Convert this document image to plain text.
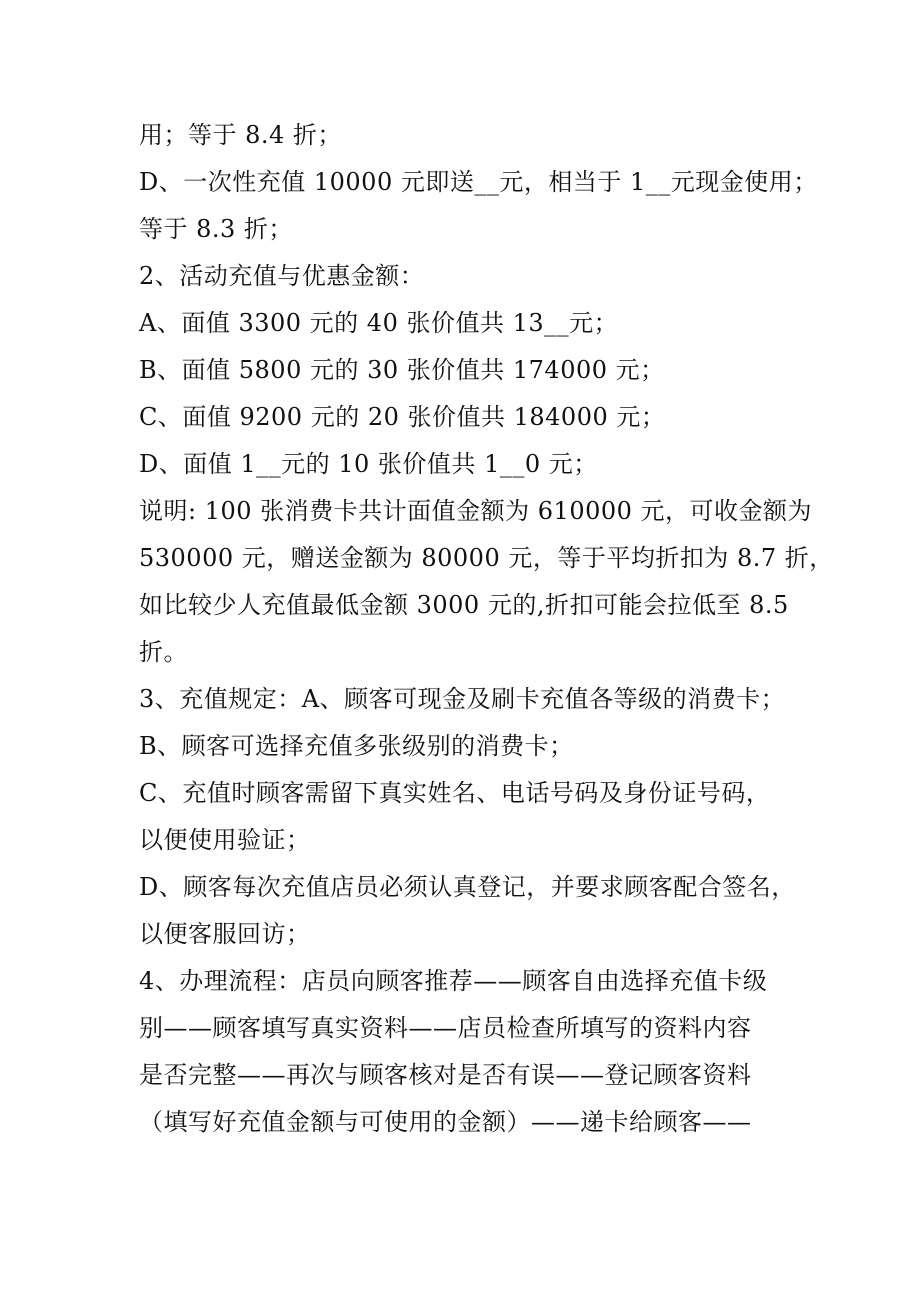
用；等于 8.4 折；
D、一次性充值 10000 元即送__元，相当于 1__元现金使用；
等于 8.3 折；
2、活动充值与优惠金额：
A、面值 3300 元的 40 张价值共 13__元；
B、面值 5800 元的 30 张价值共 174000 元；
C、面值 9200 元的 20 张价值共 184000 元；
D、面值 1__元的 10 张价值共 1__0 元；
说明: 100 张消费卡共计面值金额为 610000 元，可收金额为
530000 元，赠送金额为 80000 元，等于平均折扣为 8.7 折，
如比较少人充值最低金额 3000 元的,折扣可能会拉低至 8.5
折。
3、充值规定：A、顾客可现金及刷卡充值各等级的消费卡；
B、顾客可选择充值多张级别的消费卡；
C、充值时顾客需留下真实姓名、电话号码及身份证号码，
以便使用验证；
D、顾客每次充值店员必须认真登记，并要求顾客配合签名，
以便客服回访；
4、办理流程：店员向顾客推荐——顾客自由选择充值卡级
别——顾客填写真实资料——店员检查所填写的资料内容
是否完整——再次与顾客核对是否有误——登记顾客资料
（填写好充值金额与可使用的金额）——递卡给顾客——
